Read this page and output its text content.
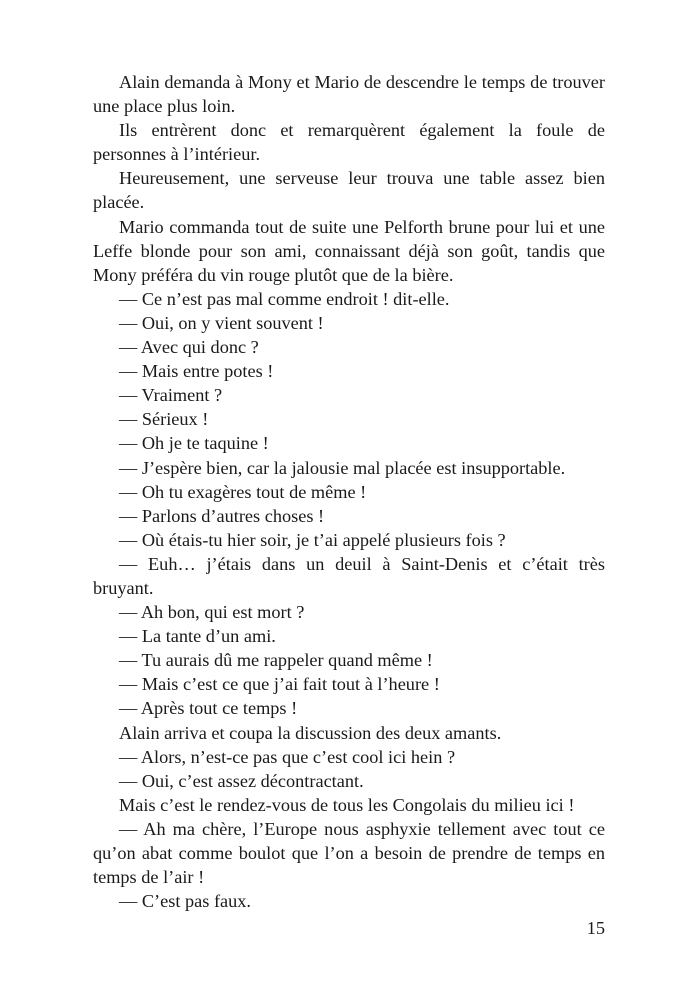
Alain demanda à Mony et Mario de descendre le temps de trouver une place plus loin.

Ils entrèrent donc et remarquèrent également la foule de personnes à l’intérieur.

Heureusement, une serveuse leur trouva une table assez bien placée.

Mario commanda tout de suite une Pelforth brune pour lui et une Leffe blonde pour son ami, connaissant déjà son goût, tandis que Mony préféra du vin rouge plutôt que de la bière.

— Ce n’est pas mal comme endroit ! dit-elle.

— Oui, on y vient souvent !

— Avec qui donc ?

— Mais entre potes !

— Vraiment ?

— Sérieux !

— Oh je te taquine !

— J’espère bien, car la jalousie mal placée est insupportable.

— Oh tu exagères tout de même !

— Parlons d’autres choses !

— Où étais-tu hier soir, je t’ai appelé plusieurs fois ?

— Euh… j’étais dans un deuil à Saint-Denis et c’était très bruyant.

— Ah bon, qui est mort ?

— La tante d’un ami.

— Tu aurais dû me rappeler quand même !

— Mais c’est ce que j’ai fait tout à l’heure !

— Après tout ce temps !

Alain arriva et coupa la discussion des deux amants.

— Alors, n’est-ce pas que c’est cool ici hein ?

— Oui, c’est assez décontractant.

Mais c’est le rendez-vous de tous les Congolais du milieu ici !

— Ah ma chère, l’Europe nous asphyxie tellement avec tout ce qu’on abat comme boulot que l’on a besoin de prendre de temps en temps de l’air !

— C’est pas faux.

15
